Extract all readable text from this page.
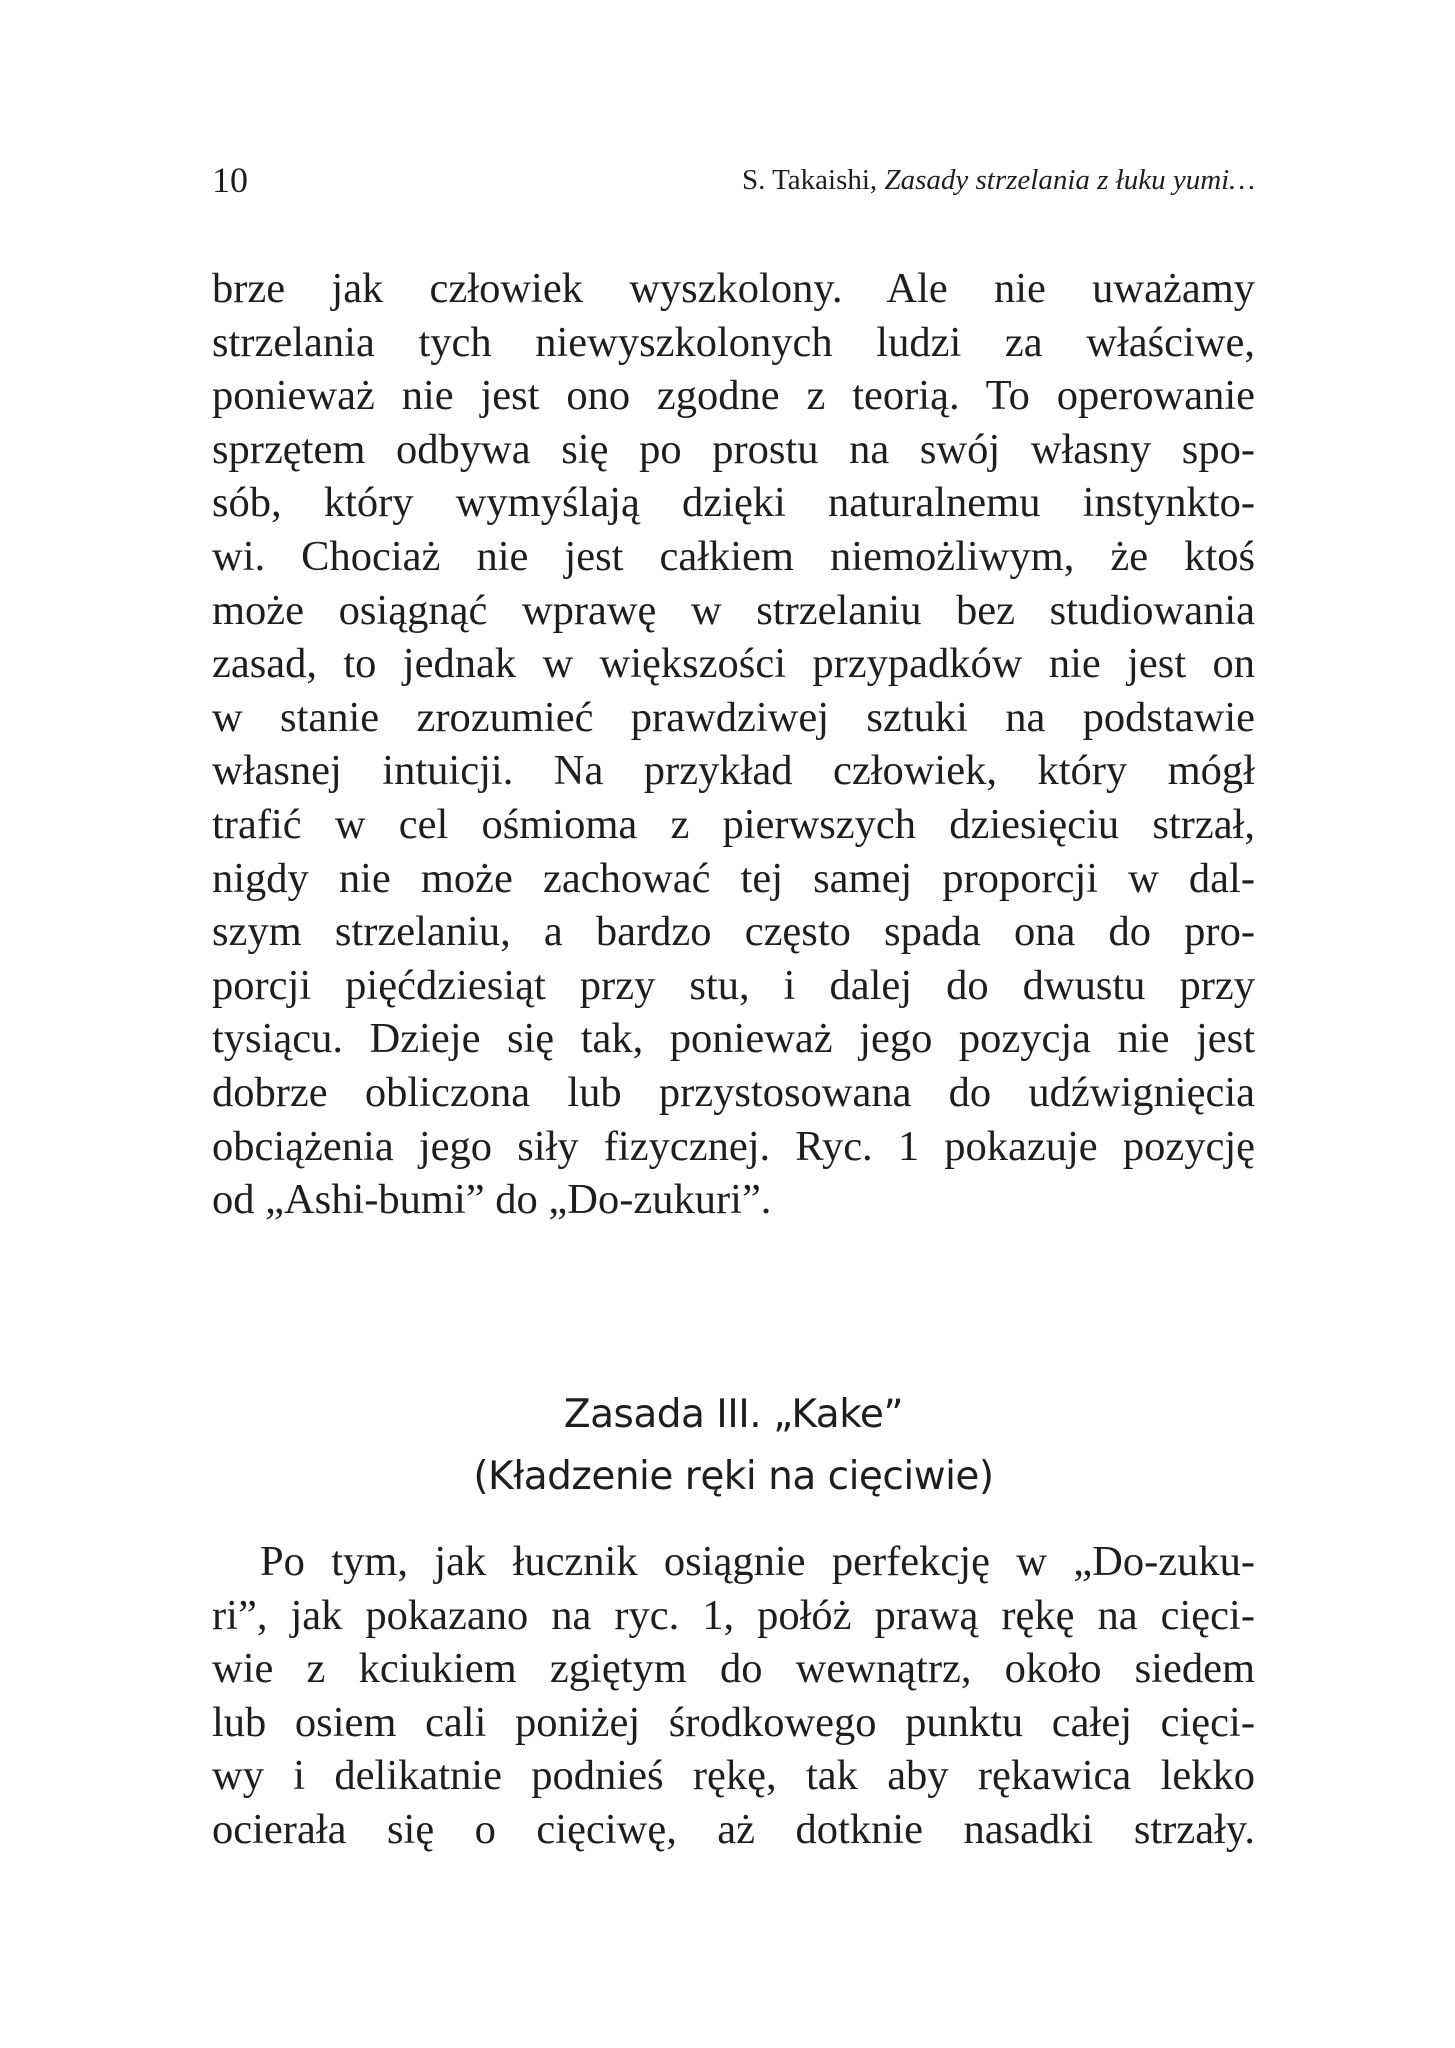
10	S. Takaishi, Zasady strzelania z łuku yumi…
brze jak człowiek wyszkolony. Ale nie uważamy
strzelania tych niewyszkolonych ludzi za właściwe,
ponieważ nie jest ono zgodne z teorią. To operowanie
sprzętem odbywa się po prostu na swój własny spo-
sób, który wymyślają dzięki naturalnemu instynkto-
wi. Chociaż nie jest całkiem niemożliwym, że ktoś
może osiągnąć wprawę w strzelaniu bez studiowania
zasad, to jednak w większości przypadków nie jest on
w stanie zrozumieć prawdziwej sztuki na podstawie
własnej intuicji. Na przykład człowiek, który mógł
trafić w cel ośmioma z pierwszych dziesięciu strzał,
nigdy nie może zachować tej samej proporcji w dal-
szym strzelaniu, a bardzo często spada ona do pro-
porcji pięćdziesiąt przy stu, i dalej do dwustu przy
tysiącu. Dzieje się tak, ponieważ jego pozycja nie jest
dobrze obliczona lub przystosowana do udźwignięcia
obciążenia jego siły fizycznej. Ryc. 1 pokazuje pozycję
od „Ashi-bumi” do „Do-zukuri”.
Zasada III. „Kake”
(Kładzenie ręki na cięciwie)
Po tym, jak łucznik osiągnie perfekcję w „Do-zuku-
ri”, jak pokazano na ryc. 1, połóż prawą rękę na cięci-
wie z kciukiem zgiętym do wewnątrz, około siedem
lub osiem cali poniżej środkowego punktu całej cięci-
wy i delikatnie podnieś rękę, tak aby rękawica lekko
ocierała się o cięciwę, aż dotknie nasadki strzały.
